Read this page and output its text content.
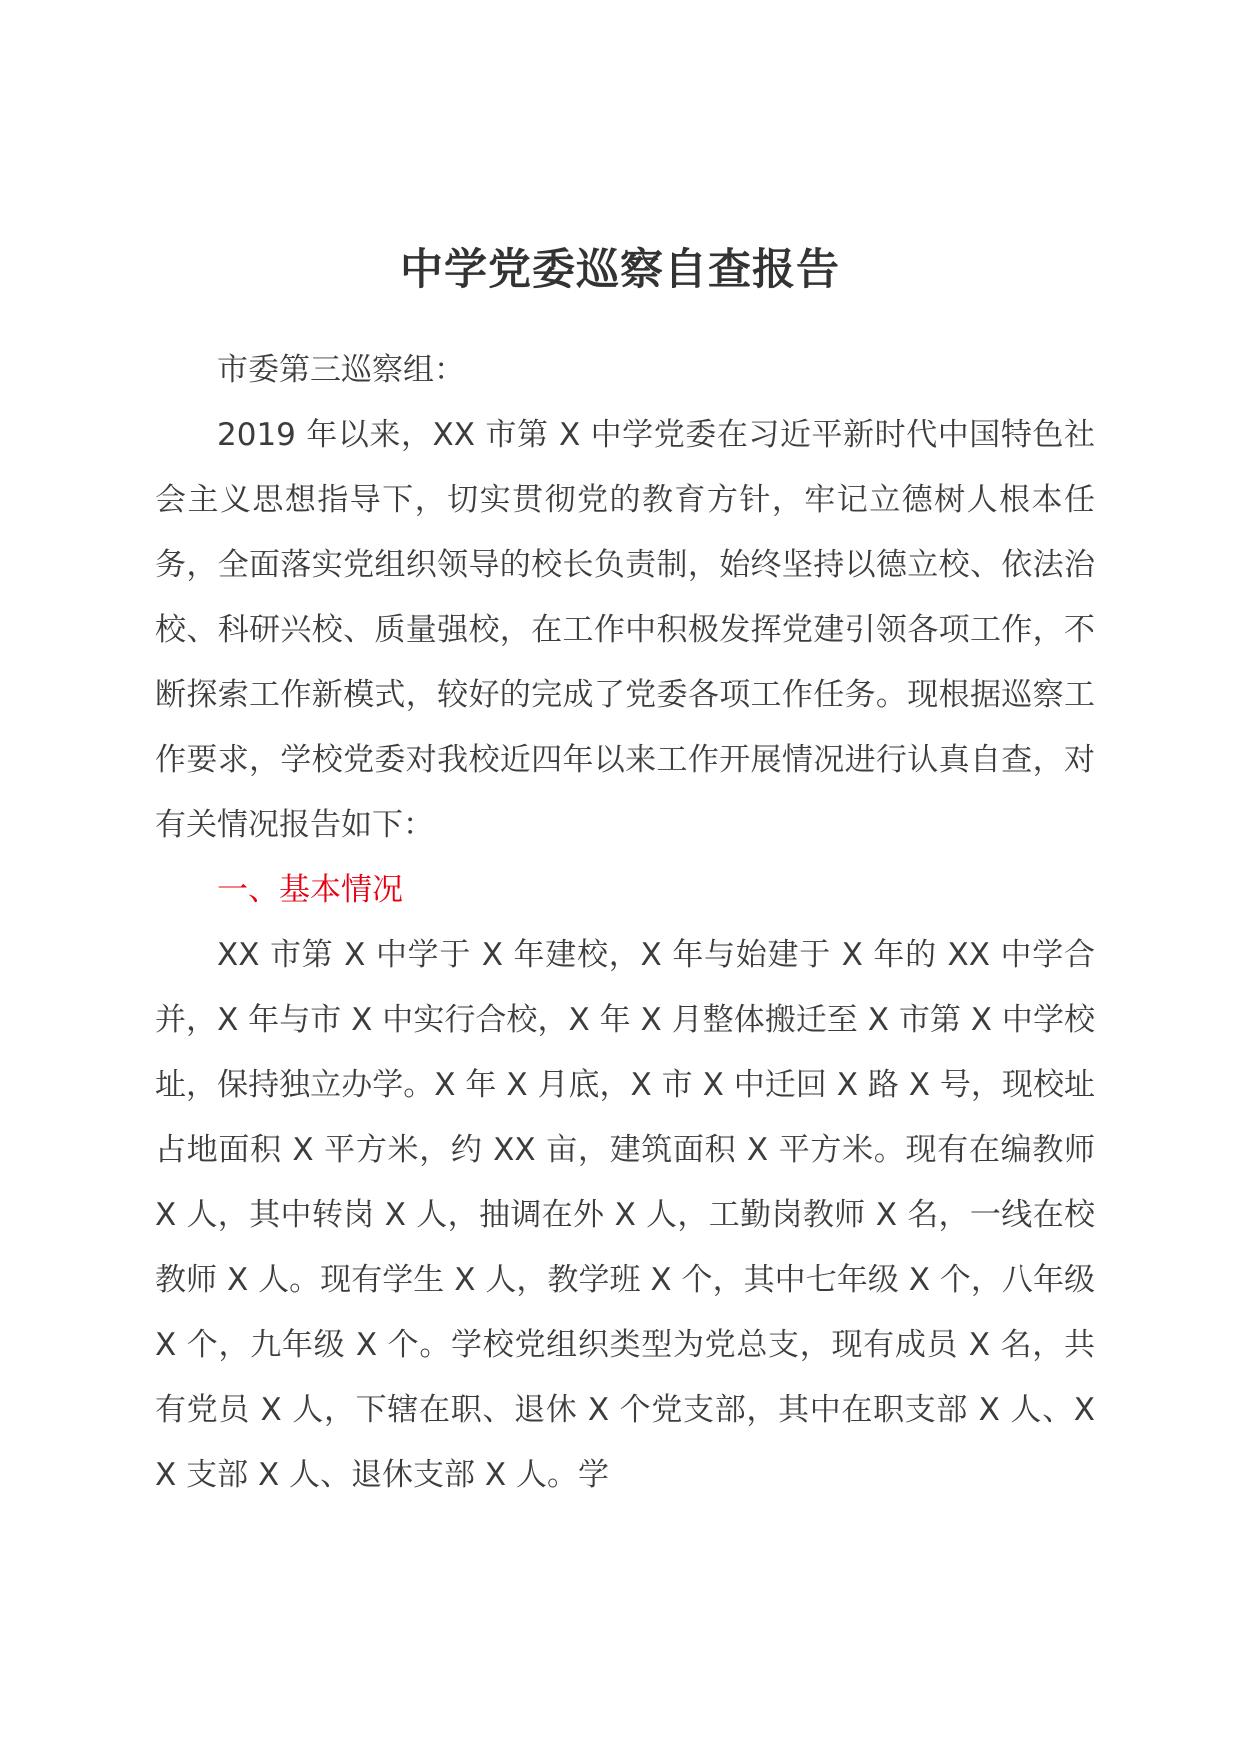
中学党委巡察自查报告

市委第三巡察组：

2019 年以来，XX 市第 X 中学党委在习近平新时代中国特色社会主义思想指导下，切实贯彻党的教育方针，牢记立德树人根本任务，全面落实党组织领导的校长负责制，始终坚持以德立校、依法治校、科研兴校、质量强校，在工作中积极发挥党建引领各项工作，不断探索工作新模式，较好的完成了党委各项工作任务。现根据巡察工作要求，学校党委对我校近四年以来工作开展情况进行认真自查，对有关情况报告如下：

一、基本情况

XX 市第 X 中学于 X 年建校，X 年与始建于 X 年的 XX 中学合并，X 年与市 X 中实行合校，X 年 X 月整体搬迁至 X 市第 X 中学校址，保持独立办学。X 年 X 月底，X 市 X 中迁回 X 路 X 号，现校址占地面积 X 平方米，约 XX 亩，建筑面积 X 平方米。现有在编教师 X 人，其中转岗 X 人，抽调在外 X 人，工勤岗教师 X 名，一线在校教师 X 人。现有学生 X 人，教学班 X 个，其中七年级 X 个，八年级 X 个，九年级 X 个。学校党组织类型为党总支，现有成员 X 名，共有党员 X 人，下辖在职、退休 X 个党支部，其中在职支部 X 人、XX 支部 X 人、退休支部 X 人。学
